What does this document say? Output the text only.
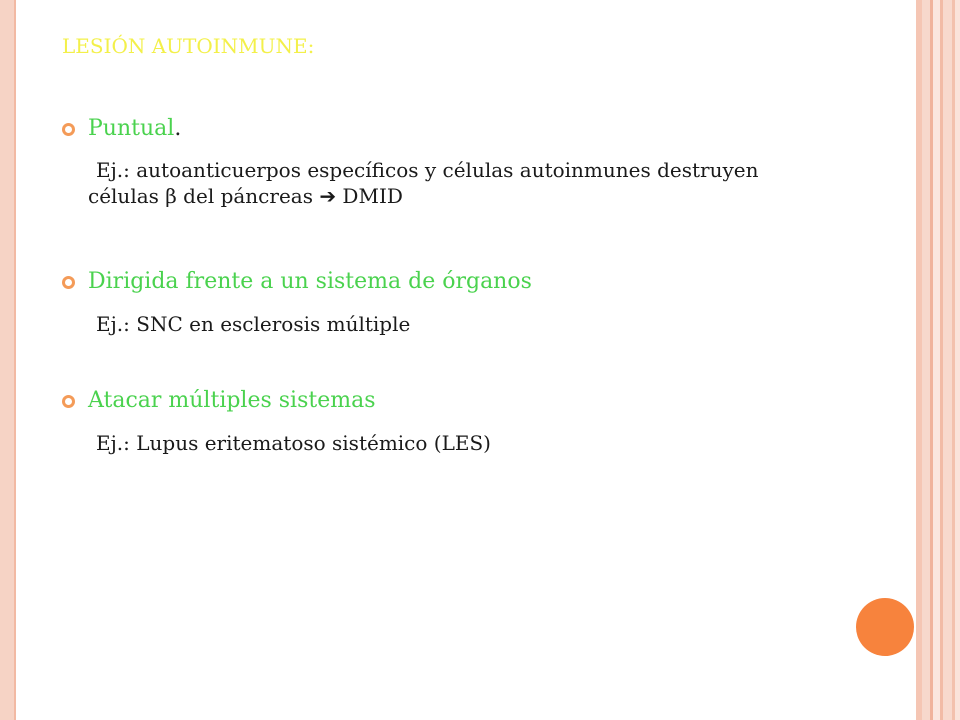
LESIÓN AUTOINMUNE:
Puntual.
Ej.: autoanticuerpos específicos y células autoinmunes destruyen
células β del páncreas ➔ DMID
Dirigida frente a un sistema de órganos
Ej.: SNC en esclerosis múltiple
Atacar múltiples sistemas
Ej.: Lupus eritematoso sistémico (LES)
